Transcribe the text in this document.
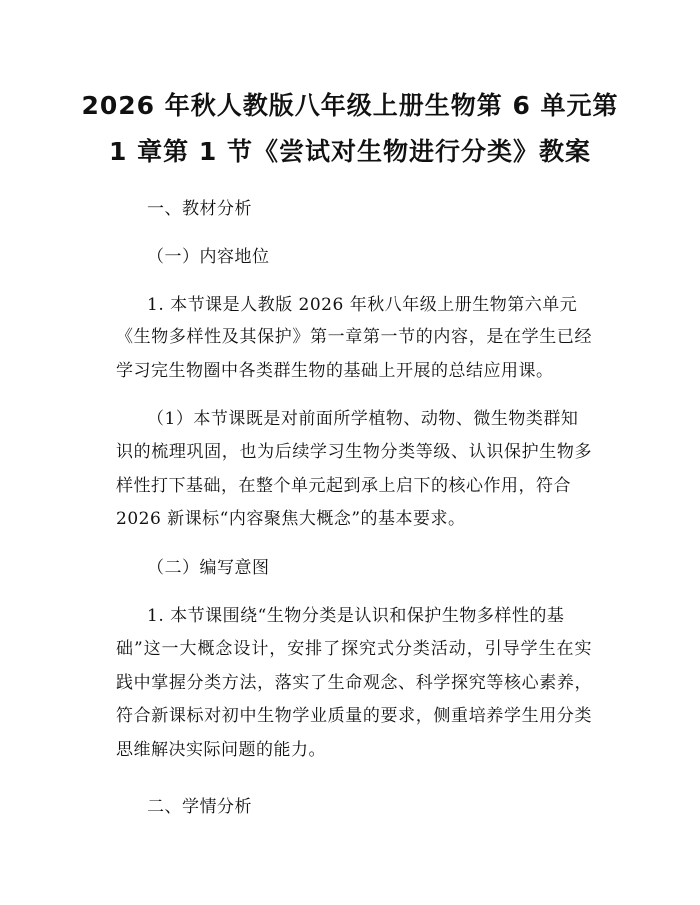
2026 年秋人教版八年级上册生物第 6 单元第
1 章第 1 节《尝试对生物进行分类》教案
一、教材分析
（一）内容地位
1. 本节课是人教版 2026 年秋八年级上册生物第六单元
《生物多样性及其保护》第一章第一节的内容，是在学生已经
学习完生物圈中各类群生物的基础上开展的总结应用课。
（1）本节课既是对前面所学植物、动物、微生物类群知
识的梳理巩固，也为后续学习生物分类等级、认识保护生物多
样性打下基础，在整个单元起到承上启下的核心作用，符合
2026 新课标“内容聚焦大概念”的基本要求。
（二）编写意图
1. 本节课围绕“生物分类是认识和保护生物多样性的基
础”这一大概念设计，安排了探究式分类活动，引导学生在实
践中掌握分类方法，落实了生命观念、科学探究等核心素养，
符合新课标对初中生物学业质量的要求，侧重培养学生用分类
思维解决实际问题的能力。
二、学情分析
